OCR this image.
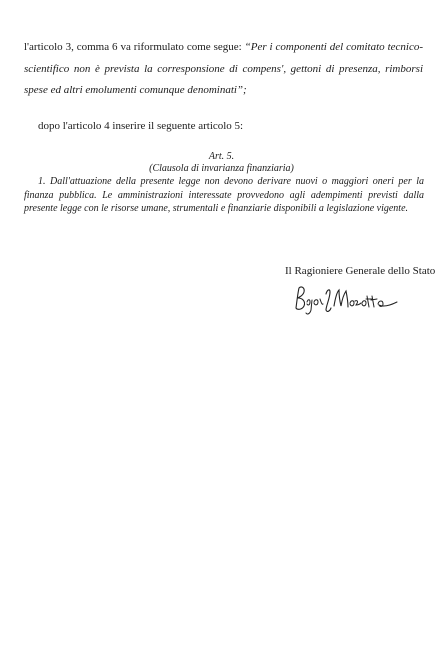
l'articolo 3, comma 6 va riformulato come segue: “Per i componenti del comitato tecnico-scientifico non è prevista la corresponsione di compens', gettoni di presenza, rimborsi spese ed altri emolumenti comunque denominati”;
dopo l'articolo 4 inserire il seguente articolo 5:
Art. 5.
(Clausola di invarianza finanziaria)
1. Dall'attuazione della presente legge non devono derivare nuovi o maggiori oneri per la finanza pubblica. Le amministrazioni interessate provvedono agli adempimenti previsti dalla presente legge con le risorse umane, strumentali e finanziarie disponibili a legislazione vigente.
Il Ragioniere Generale dello Stato
